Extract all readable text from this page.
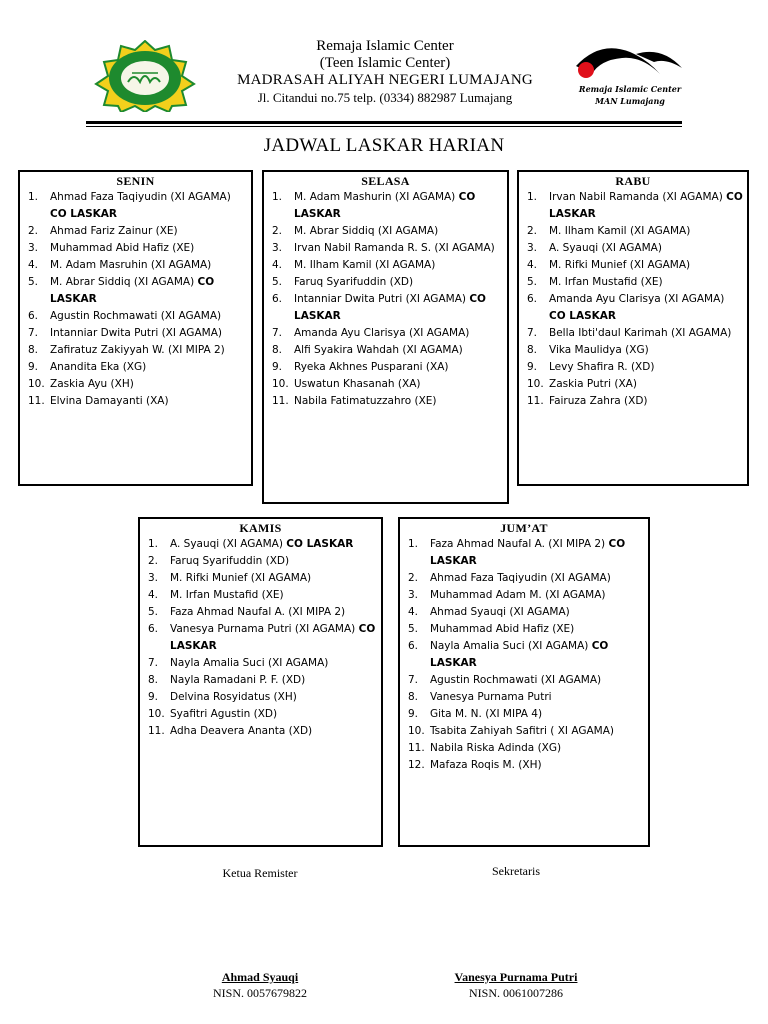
Remaja Islamic Center
(Teen Islamic Center)
MADRASAH ALIYAH NEGERI LUMAJANG
Jl. Citandui no.75 telp. (0334) 882987 Lumajang
Remaja Islamic Center
MAN Lumajang
JADWAL LASKAR HARIAN
SENIN
1. Ahmad Faza Taqiyudin (XI AGAMA) CO LASKAR
2. Ahmad Fariz Zainur (XE)
3. Muhammad Abid Hafiz (XE)
4. M. Adam Masruhin (XI AGAMA)
5. M. Abrar Siddiq (XI AGAMA) CO LASKAR
6. Agustin Rochmawati (XI AGAMA)
7. Intanniar Dwita Putri (XI AGAMA)
8. Zafiratuz Zakiyyah W. (XI MIPA 2)
9. Anandita Eka (XG)
10. Zaskia Ayu (XH)
11. Elvina Damayanti (XA)
SELASA
1. M. Adam Mashurin (XI AGAMA) CO LASKAR
2. M. Abrar Siddiq (XI AGAMA)
3. Irvan Nabil Ramanda R. S. (XI AGAMA)
4. M. Ilham Kamil (XI AGAMA)
5. Faruq Syarifuddin (XD)
6. Intanniar Dwita Putri (XI AGAMA) CO LASKAR
7. Amanda Ayu Clarisya (XI AGAMA)
8. Alfi Syakira Wahdah (XI AGAMA)
9. Ryeka Akhnes Pusparani (XA)
10. Uswatun Khasanah (XA)
11. Nabila Fatimatuzzahro (XE)
RABU
1. Irvan Nabil Ramanda (XI AGAMA) CO LASKAR
2. M. Ilham Kamil (XI AGAMA)
3. A. Syauqi (XI AGAMA)
4. M. Rifki Munief (XI AGAMA)
5. M. Irfan Mustafid (XE)
6. Amanda Ayu Clarisya (XI AGAMA) CO LASKAR
7. Bella Ibti'daul Karimah (XI AGAMA)
8. Vika Maulidya (XG)
9. Levy Shafira R. (XD)
10. Zaskia Putri (XA)
11. Fairuza Zahra (XD)
KAMIS
1. A. Syauqi (XI AGAMA) CO LASKAR
2. Faruq Syarifuddin (XD)
3. M. Rifki Munief (XI AGAMA)
4. M. Irfan Mustafid (XE)
5. Faza Ahmad Naufal A. (XI MIPA 2)
6. Vanesya Purnama Putri (XI AGAMA) CO LASKAR
7. Nayla Amalia Suci (XI AGAMA)
8. Nayla Ramadani P. F. (XD)
9. Delvina Rosyidatus (XH)
10. Syafitri Agustin (XD)
11. Adha Deavera Ananta (XD)
JUM’AT
1. Faza Ahmad Naufal A. (XI MIPA 2) CO LASKAR
2. Ahmad Faza Taqiyudin (XI AGAMA)
3. Muhammad Adam M. (XI AGAMA)
4. Ahmad Syauqi (XI AGAMA)
5. Muhammad Abid Hafiz (XE)
6. Nayla Amalia Suci (XI AGAMA) CO LASKAR
7. Agustin Rochmawati (XI AGAMA)
8. Vanesya Purnama Putri
9. Gita M. N. (XI MIPA 4)
10. Tsabita Zahiyah Safitri ( XI AGAMA)
11. Nabila Riska Adinda (XG)
12. Mafaza Roqis M. (XH)
Ketua Remister	Sekretaris
Ahmad Syauqi	Vanesya Purnama Putri
NISN. 0057679822	NISN. 0061007286
